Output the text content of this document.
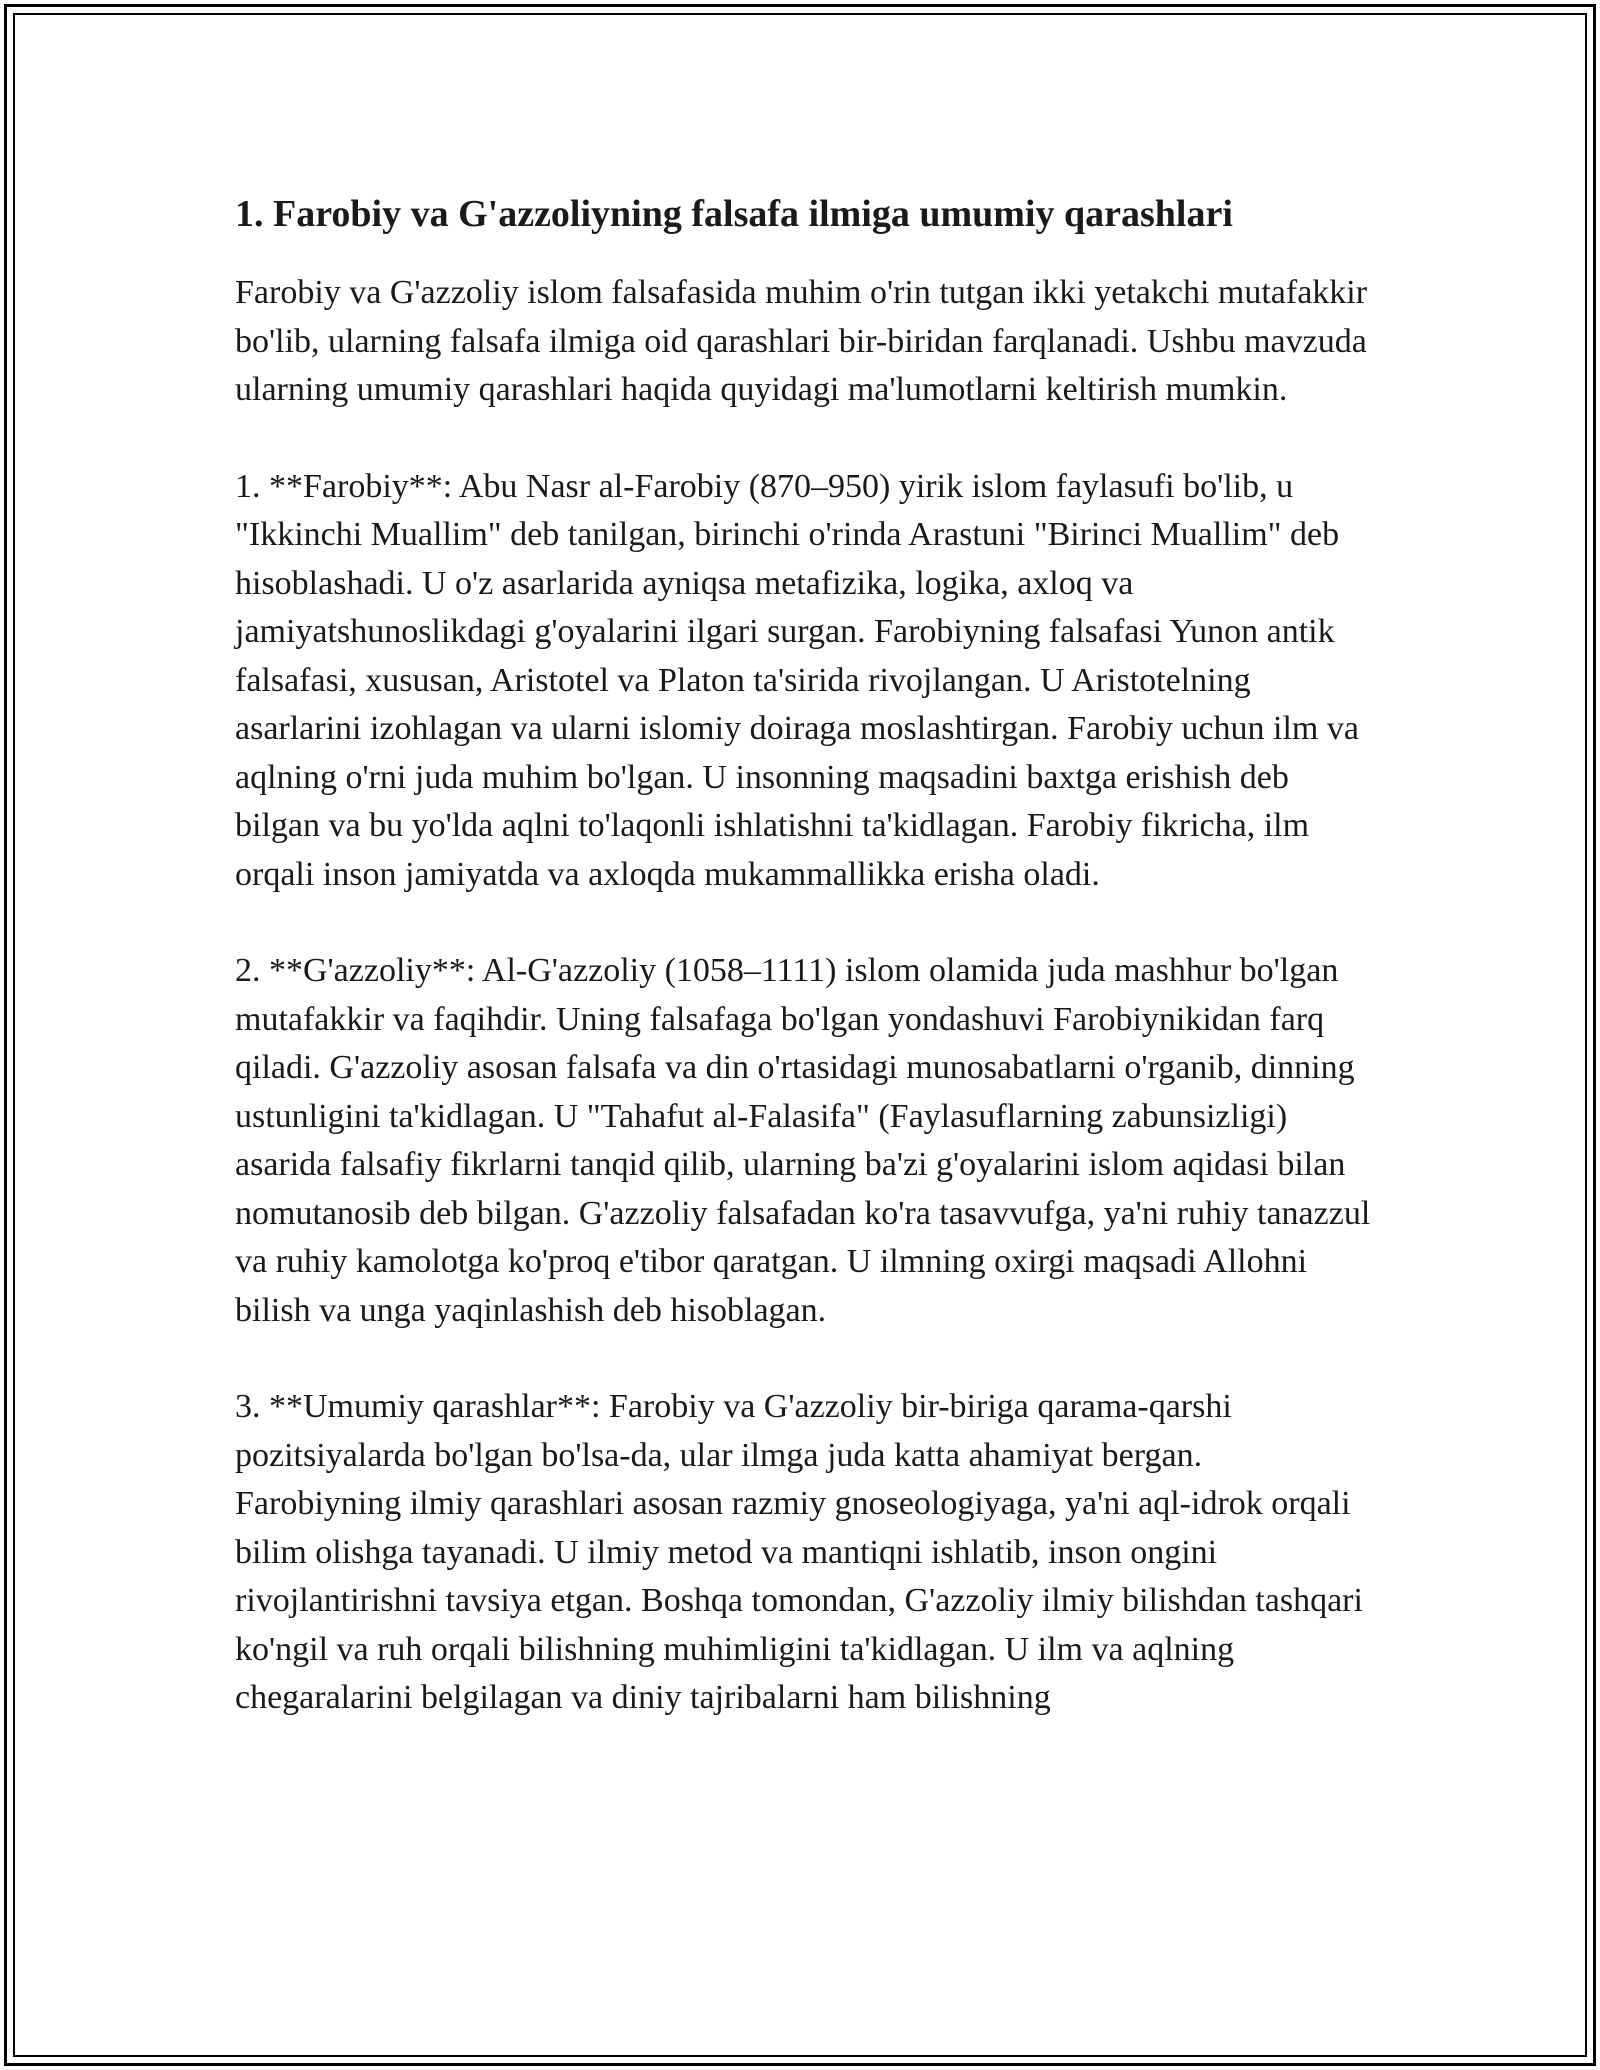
1. Farobiy va G'azzoliyning falsafa ilmiga umumiy qarashlari

Farobiy va G'azzoliy islom falsafasida muhim o'rin tutgan ikki yetakchi mutafakkir bo'lib, ularning falsafa ilmiga oid qarashlari bir-biridan farqlanadi. Ushbu mavzuda ularning umumiy qarashlari haqida quyidagi ma'lumotlarni keltirish mumkin.

1. **Farobiy**: Abu Nasr al-Farobiy (870–950) yirik islom faylasufi bo'lib, u "Ikkinchi Muallim" deb tanilgan, birinchi o'rinda Arastuni "Birinci Muallim" deb hisoblashadi. U o'z asarlarida ayniqsa metafizika, logika, axloq va jamiyatshunoslikdagi g'oyalarini ilgari surgan. Farobiyning falsafasi Yunon antik falsafasi, xususan, Aristotel va Platon ta'sirida rivojlangan. U Aristotelning asarlarini izohlagan va ularni islomiy doiraga moslashtirgan. Farobiy uchun ilm va aqlning o'rni juda muhim bo'lgan. U insonning maqsadini baxtga erishish deb bilgan va bu yo'lda aqlni to'laqonli ishlatishni ta'kidlagan. Farobiy fikricha, ilm orqali inson jamiyatda va axloqda mukammallikka erisha oladi.

2. **G'azzoliy**: Al-G'azzoliy (1058–1111) islom olamida juda mashhur bo'lgan mutafakkir va faqihdir. Uning falsafaga bo'lgan yondashuvi Farobiynikidan farq qiladi. G'azzoliy asosan falsafa va din o'rtasidagi munosabatlarni o'rganib, dinning ustunligini ta'kidlagan. U "Tahafut al-Falasifa" (Faylasuflarning zabunsizligi) asarida falsafiy fikrlarni tanqid qilib, ularning ba'zi g'oyalarini islom aqidasi bilan nomutanosib deb bilgan. G'azzoliy falsafadan ko'ra tasavvufga, ya'ni ruhiy tanazzul va ruhiy kamolotga ko'proq e'tibor qaratgan. U ilmning oxirgi maqsadi Allohni bilish va unga yaqinlashish deb hisoblagan.

3. **Umumiy qarashlar**: Farobiy va G'azzoliy bir-biriga qarama-qarshi pozitsiyalarda bo'lgan bo'lsa-da, ular ilmga juda katta ahamiyat bergan. Farobiyning ilmiy qarashlari asosan razmiy gnoseologiyaga, ya'ni aql-idrok orqali bilim olishga tayanadi. U ilmiy metod va mantiqni ishlatib, inson ongini rivojlantirishni tavsiya etgan. Boshqa tomondan, G'azzoliy ilmiy bilishdan tashqari ko'ngil va ruh orqali bilishning muhimligini ta'kidlagan. U ilm va aqlning chegaralarini belgilagan va diniy tajribalarni ham bilishning
